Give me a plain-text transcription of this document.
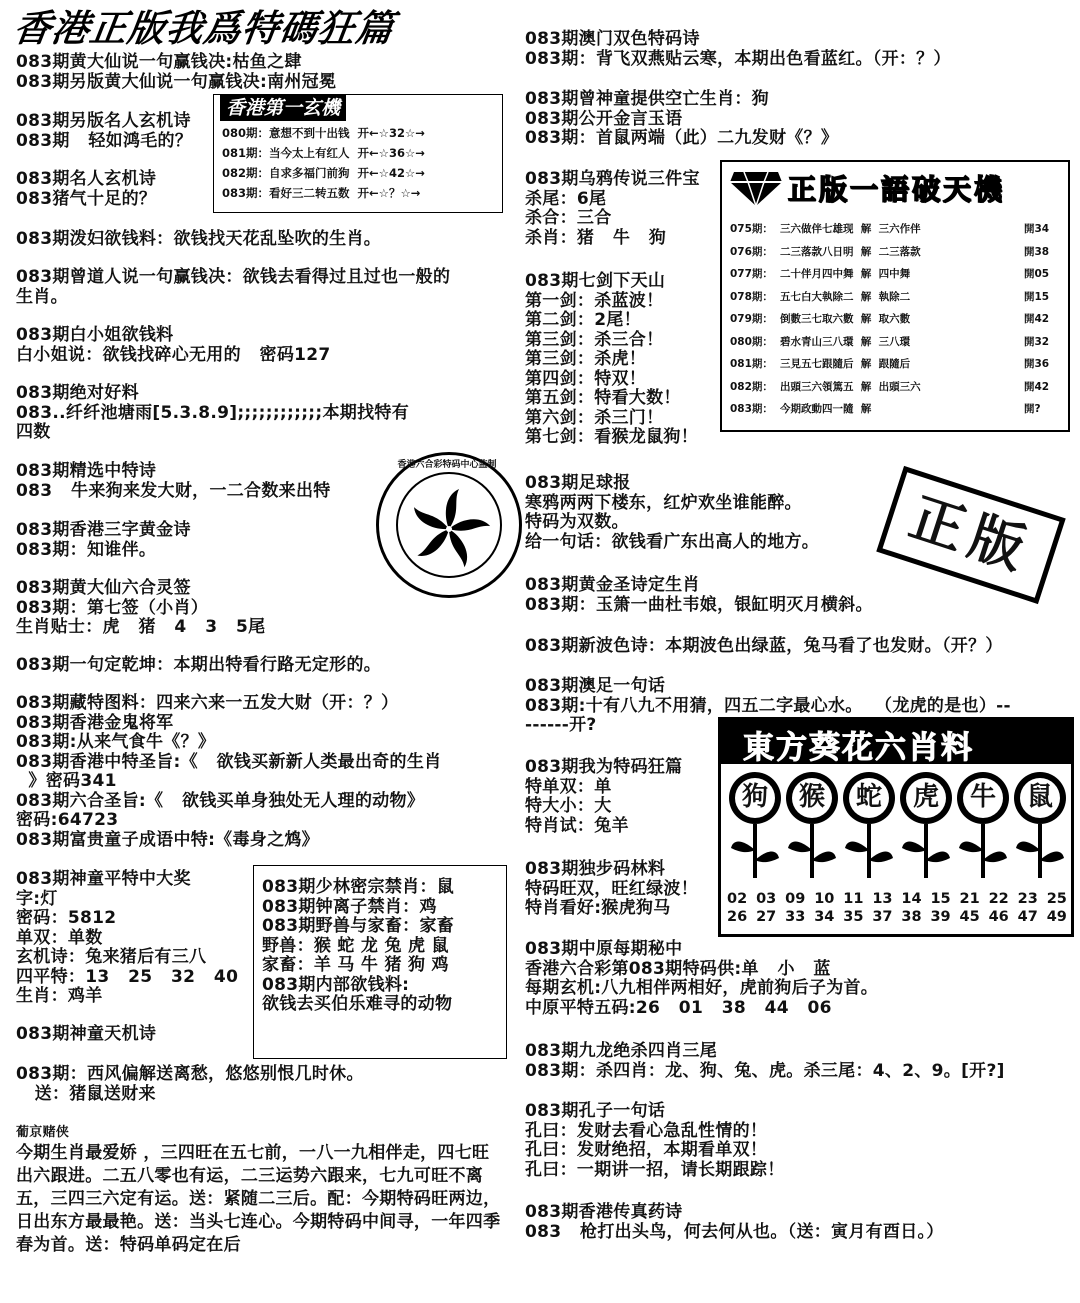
香港正版我爲特碼狂篇
083期黄大仙说一句赢钱决:枯鱼之肆
083期另版黄大仙说一句赢钱决:南州冠冕
083期另版名人玄机诗
083期   轻如鸿毛的？
083期名人玄机诗
083猪气十足的？
083期泼妇欲钱料：欲钱找天花乱坠吹的生肖。
083期曾道人说一句赢钱决：欲钱去看得过且过也一般的
生肖。
083期白小姐欲钱料
白小姐说：欲钱找碎心无用的   密码127
083期绝对好料
083..纤纤池塘雨[5.3.8.9];;;;;;;;;;;;本期找特有
四数
083期精选中特诗
083   牛来狗来发大财，一二合数来出特
083期香港三字黄金诗
083期：知谁伴。
083期黄大仙六合灵签
083期：第七签（小肖）
生肖贴士：虎   猪   4   3   5尾
083期一句定乾坤：本期出特看行路无定形的。
083期藏特图料：四来六来一五发大财（开：？）
083期香港金鬼将军
083期:从来气食牛《？》
083期香港中特圣旨:《   欲钱买新新人类最出奇的生肖
》密码341
083期六合圣旨:《   欲钱买单身独处无人理的动物》
密码:64723
083期富贵童子成语中特:《毒身之鸩》
083期神童平特中大奖
字:灯
密码：5812
单双：单数
玄机诗：兔来猪后有三八
四平特：13   25   32   40
生肖：鸡羊
083期神童天机诗
083期：西风偏解送离愁，悠悠别恨几时休。
送：猪鼠送财来
葡京赌侠
今期生肖最爱娇 ，三四旺在五七前，一八一九相伴走，四七旺出六跟进。二五八零也有运，二三运势六跟来，七九可旺不离五，三四三六定有运。送：紧随二三后。配：今期特码旺两边，日出东方最最艳。送：当头七连心。今期特码中间寻，一年四季春为首。送：特码单码定在后
香港第一玄機
080期：意想不到十出钱  开←☆32☆→
081期：当今太上有红人  开←☆36☆→
082期：自求多福门前狗  开←☆42☆→
083期：看好三二转五数  开←☆？☆→
香港六合彩特码中心监制
083期少林密宗禁肖：鼠
083期钟离子禁肖：鸡
083期野兽与家畜：家畜
野兽：猴 蛇 龙 兔 虎 鼠
家畜：羊 马 牛 猪 狗 鸡
083期内部欲钱料:
欲钱去买伯乐难寻的动物
083期澳门双色特码诗
083期：背飞双燕贴云寒，本期出色看蓝红。（开：？）
083期曾神童提供空亡生肖：狗
083期公开金言玉语
083期：首鼠两端（此）二九发财《？》
083期乌鸦传说三件宝
杀尾：6尾
杀合：三合
杀肖：猪   牛   狗
083期七剑下天山
第一剑：杀蓝波！
第二剑：2尾！
第三剑：杀三合！
第三剑：杀虎！
第四剑：特双！
第五剑：特看大数！
第六剑：杀三门！
第七剑：看猴龙鼠狗！
083期足球报
寒鸦两两下楼东，红炉欢坐谁能醉。
特码为双数。
给一句话：欲钱看广东出高人的地方。
083期黄金圣诗定生肖
083期：玉箫一曲杜韦娘，银缸明灭月横斜。
083期新波色诗：本期波色出绿蓝，兔马看了也发财。（开？）
083期澳足一句话
083期:十有八九不用猜，四五二字最心水。  （龙虎的是也）--
------开?
083期我为特码狂篇
特单双：单
特大小：大
特肖试：兔羊
083期独步码林料
特码旺双，旺红绿波！
特肖看好:猴虎狗马
083期中原每期秘中
香港六合彩第083期特码供:单   小   蓝
每期玄机:八九相伴两相好，虎前狗后子为首。
中原平特五码:26   01   38   44   06
083期九龙绝杀四肖三尾
083期：杀四肖：龙、狗、兔、虎。杀三尾：4、2、9。[开?]
083期孔子一句话
孔曰：发财去看心急乱性情的！
孔曰：发财绝招，本期看单双！
孔曰：一期讲一招，请长期跟踪！
083期香港传真药诗
083   枪打出头鸟，何去何从也。（送：寅月有酉日。）
正版一語破天機
075期： 三六做伴七雄现  解  三六作伴	開34
076期： 二三落款八日明  解  二三落款	開38
077期： 二十伴月四中舞  解  四中舞	開05
078期： 五七白大執除二  解  執除二	開15
079期： 倒數三七取六數  解  取六數	開42
080期： 碧水青山三八環  解  三八環	開32
081期： 三見五七跟隨后  解  跟隨后	開36
082期： 出頭三六領篤五  解  出頭三六	開42
083期： 今期政動四一隨  解	開?
正版
東方葵花六肖料
狗	猴	蛇	虎	牛	鼠
02 03 09 10 11 13 14 15 21 22 23 25
26 27 33 34 35 37 38 39 45 46 47 49
